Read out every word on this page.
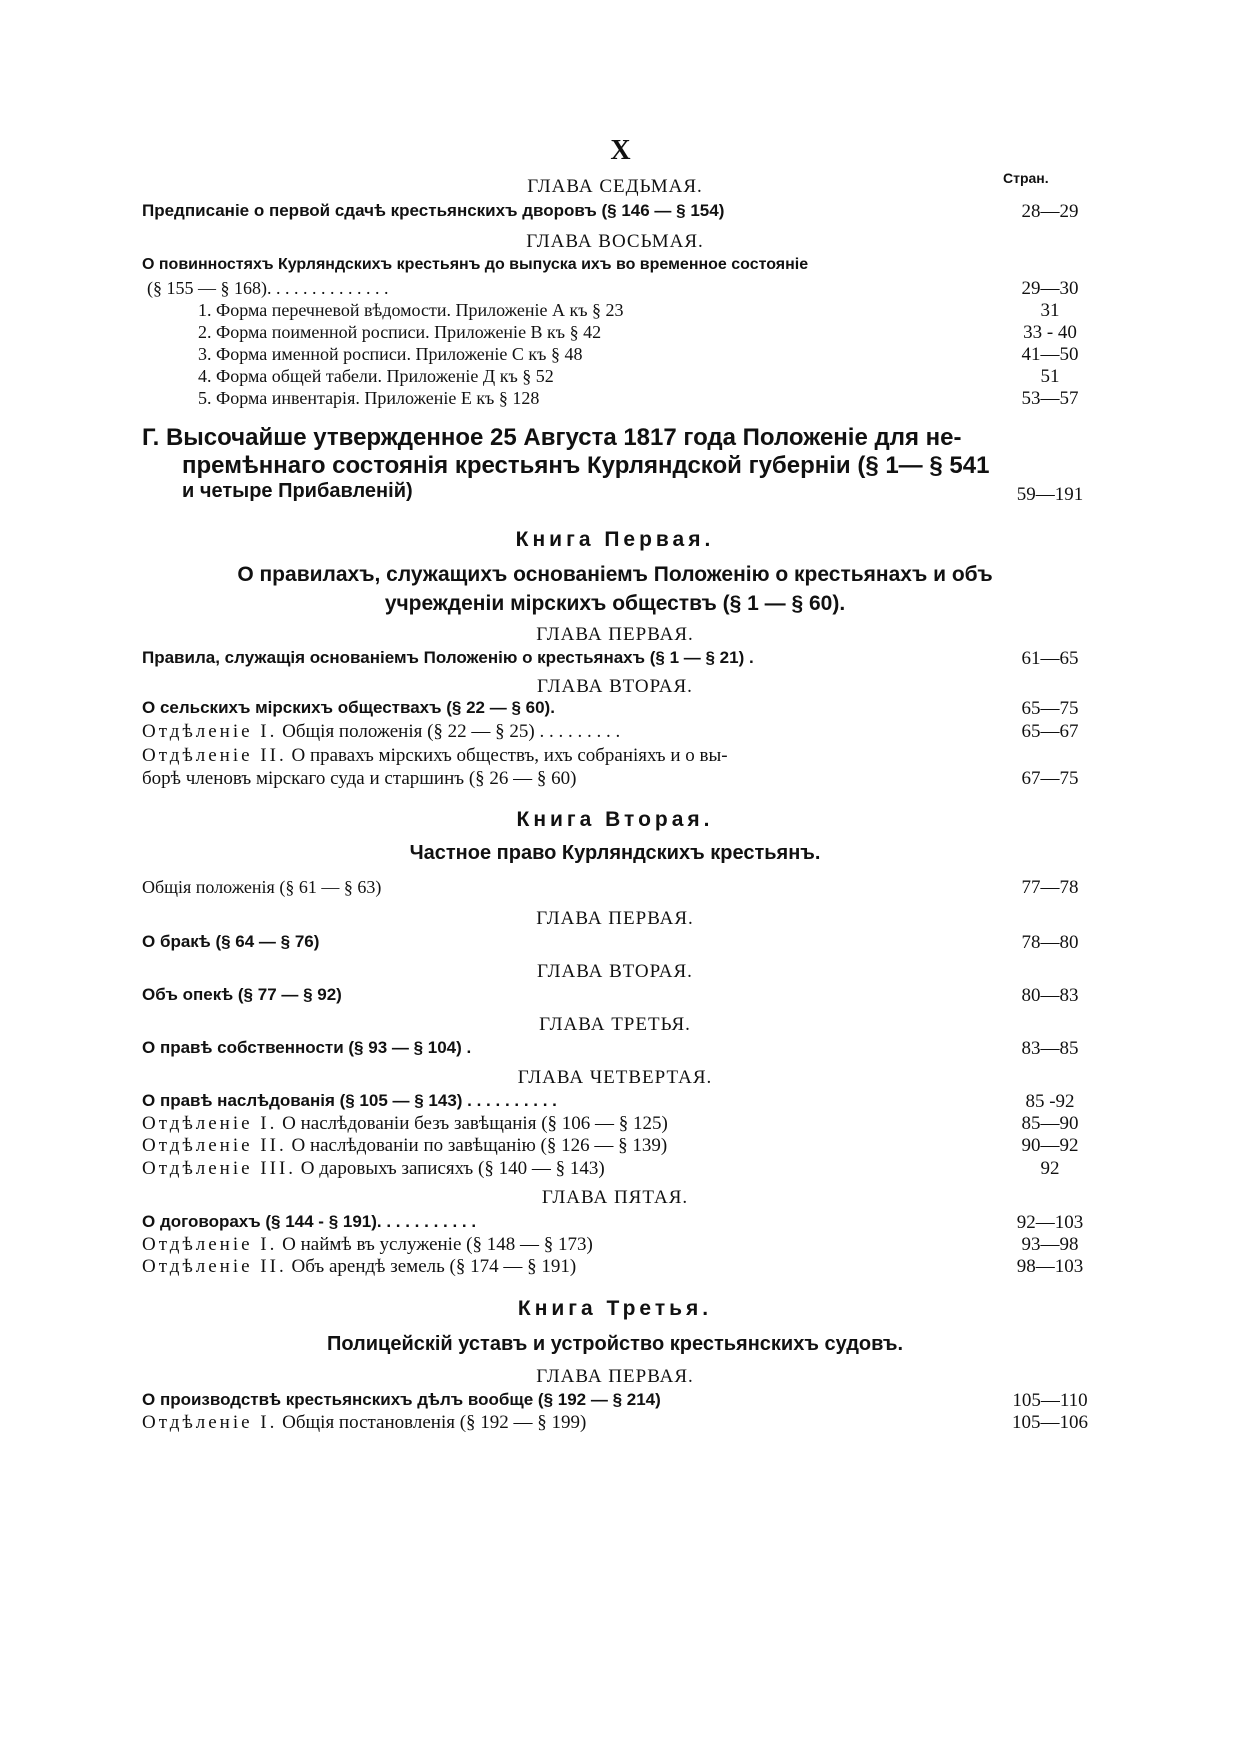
X
Стран.
ГЛАВА СЕДЬМАЯ.
Предписанiе о первой сдачѣ крестьянскихъ дворовъ (§ 146 — § 154)	28—29
ГЛАВА ВОСЬМАЯ.
О повинностяхъ Курляндскихъ крестьянъ до выпуска ихъ во временное состоянiе
(§ 155 — § 168). . . . . . . . . . . . . .	29—30
1. Форма перечневой вѣдомости. Приложенiе А къ § 23	31
2. Форма поименной росписи. Приложенiе В къ § 42	33 - 40
3. Форма именной росписи. Приложенiе С къ § 48	41—50
4. Форма общей табели. Приложенiе Д къ § 52	51
5. Форма инвентарiя. Приложенiе Е къ § 128	53—57
Г. Высочайше утвержденное 25 Августа 1817 года Положенiе для не-
премѣннаго состоянiя крестьянъ Курляндской губернiи (§ 1— § 541
и четыре Прибавленiй)	59—191
Книга Первая.
О правилахъ, служащихъ основанiемъ Положенiю о крестьянахъ и объ
учрежденiи мiрскихъ обществъ (§ 1 — § 60).
ГЛАВА ПЕРВАЯ.
Правила, служащiя основанiемъ Положенiю о крестьянахъ (§ 1 — § 21) .	61—65
ГЛАВА ВТОРАЯ.
О сельскихъ мiрскихъ обществахъ (§ 22 — § 60).	65—75
Отдѣленiе I. Общiя положенiя (§ 22 — § 25) . . . . . . . . .	65—67
Отдѣленiе II. О правахъ мiрскихъ обществъ, ихъ собранiяхъ и о вы-
борѣ членовъ мiрскаго суда и старшинъ (§ 26 — § 60)	67—75
Книга Вторая.
Частное право Курляндскихъ крестьянъ.
Общiя положенiя (§ 61 — § 63)	77—78
ГЛАВА ПЕРВАЯ.
О бракѣ (§ 64 — § 76)	78—80
ГЛАВА ВТОРАЯ.
Объ опекѣ (§ 77 — § 92)	80—83
ГЛАВА ТРЕТЬЯ.
О правѣ собственности (§ 93 — § 104) .	83—85
ГЛАВА ЧЕТВЕРТАЯ.
О правѣ наслѣдованiя (§ 105 — § 143) . . . . . . . . . .	85 -92
Отдѣленiе I. О наслѣдованiи безъ завѣщанiя (§ 106 — § 125)	85—90
Отдѣленiе II. О наслѣдованiи по завѣщанiю (§ 126 — § 139)	90—92
Отдѣленiе III. О даровыхъ записяхъ (§ 140 — § 143)	92
ГЛАВА ПЯТАЯ.
О договорахъ (§ 144 - § 191). . . . . . . . . . .	92—103
Отдѣленiе I. О наймѣ въ услуженiе (§ 148 — § 173)	93—98
Отдѣленiе II. Объ арендѣ земель (§ 174 — § 191)	98—103
Книга Третья.
Полицейскiй уставъ и устройство крестьянскихъ судовъ.
ГЛАВА ПЕРВАЯ.
О производствѣ крестьянскихъ дѣлъ вообще (§ 192 — § 214)	105—110
Отдѣленiе I. Общiя постановленiя (§ 192 — § 199)	105—106
